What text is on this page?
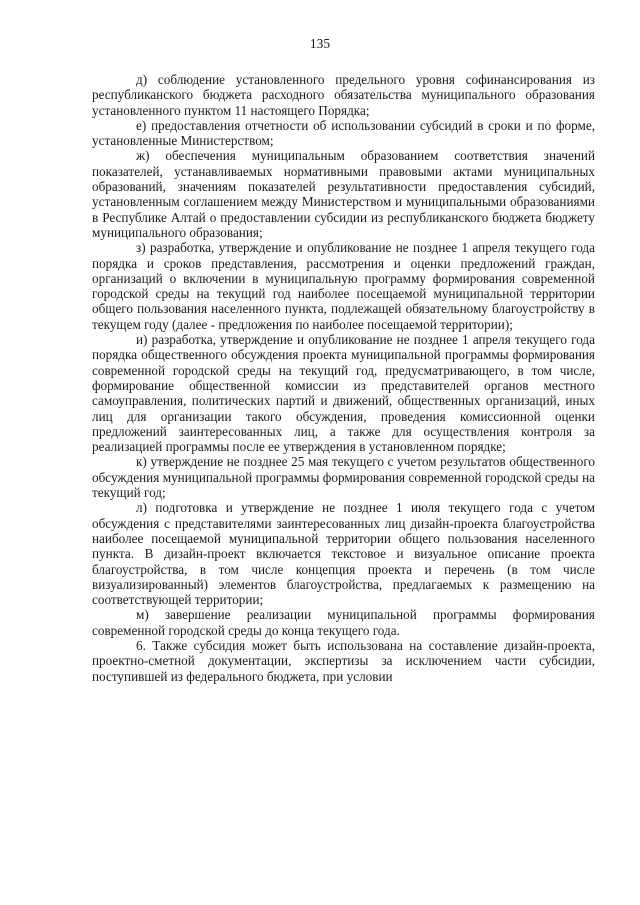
135

д) соблюдение установленного предельного уровня софинансирования из республиканского бюджета расходного обязательства муниципального образования установленного пунктом 11 настоящего Порядка;

е) предоставления отчетности об использовании субсидий в сроки и по форме, установленные Министерством;

ж) обеспечения муниципальным образованием соответствия значений показателей, устанавливаемых нормативными правовыми актами муниципальных образований, значениям показателей результативности предоставления субсидий, установленным соглашением между Министерством и муниципальными образованиями в Республике Алтай о предоставлении субсидии из республиканского бюджета бюджету муниципального образования;

з) разработка, утверждение и опубликование не позднее 1 апреля текущего года порядка и сроков представления, рассмотрения и оценки предложений граждан, организаций о включении в муниципальную программу формирования современной городской среды на текущий год наиболее посещаемой муниципальной территории общего пользования населенного пункта, подлежащей обязательному благоустройству в текущем году (далее - предложения по наиболее посещаемой территории);

и) разработка, утверждение и опубликование не позднее 1 апреля текущего года порядка общественного обсуждения проекта муниципальной программы формирования современной городской среды на текущий год, предусматривающего, в том числе, формирование общественной комиссии из представителей органов местного самоуправления, политических партий и движений, общественных организаций, иных лиц для организации такого обсуждения, проведения комиссионной оценки предложений заинтересованных лиц, а также для осуществления контроля за реализацией программы после ее утверждения в установленном порядке;

к) утверждение не позднее 25 мая текущего с учетом результатов общественного обсуждения муниципальной программы формирования современной городской среды на текущий год;

л) подготовка и утверждение не позднее 1 июля текущего года с учетом обсуждения с представителями заинтересованных лиц дизайн-проекта благоустройства наиболее посещаемой муниципальной территории общего пользования населенного пункта. В дизайн-проект включается текстовое и визуальное описание проекта благоустройства, в том числе концепция проекта и перечень (в том числе визуализированный) элементов благоустройства, предлагаемых к размещению на соответствующей территории;

м) завершение реализации муниципальной программы формирования современной городской среды до конца текущего года.

6. Также субсидия может быть использована на составление дизайн-проекта, проектно-сметной документации, экспертизы за исключением части субсидии, поступившей из федерального бюджета, при условии
